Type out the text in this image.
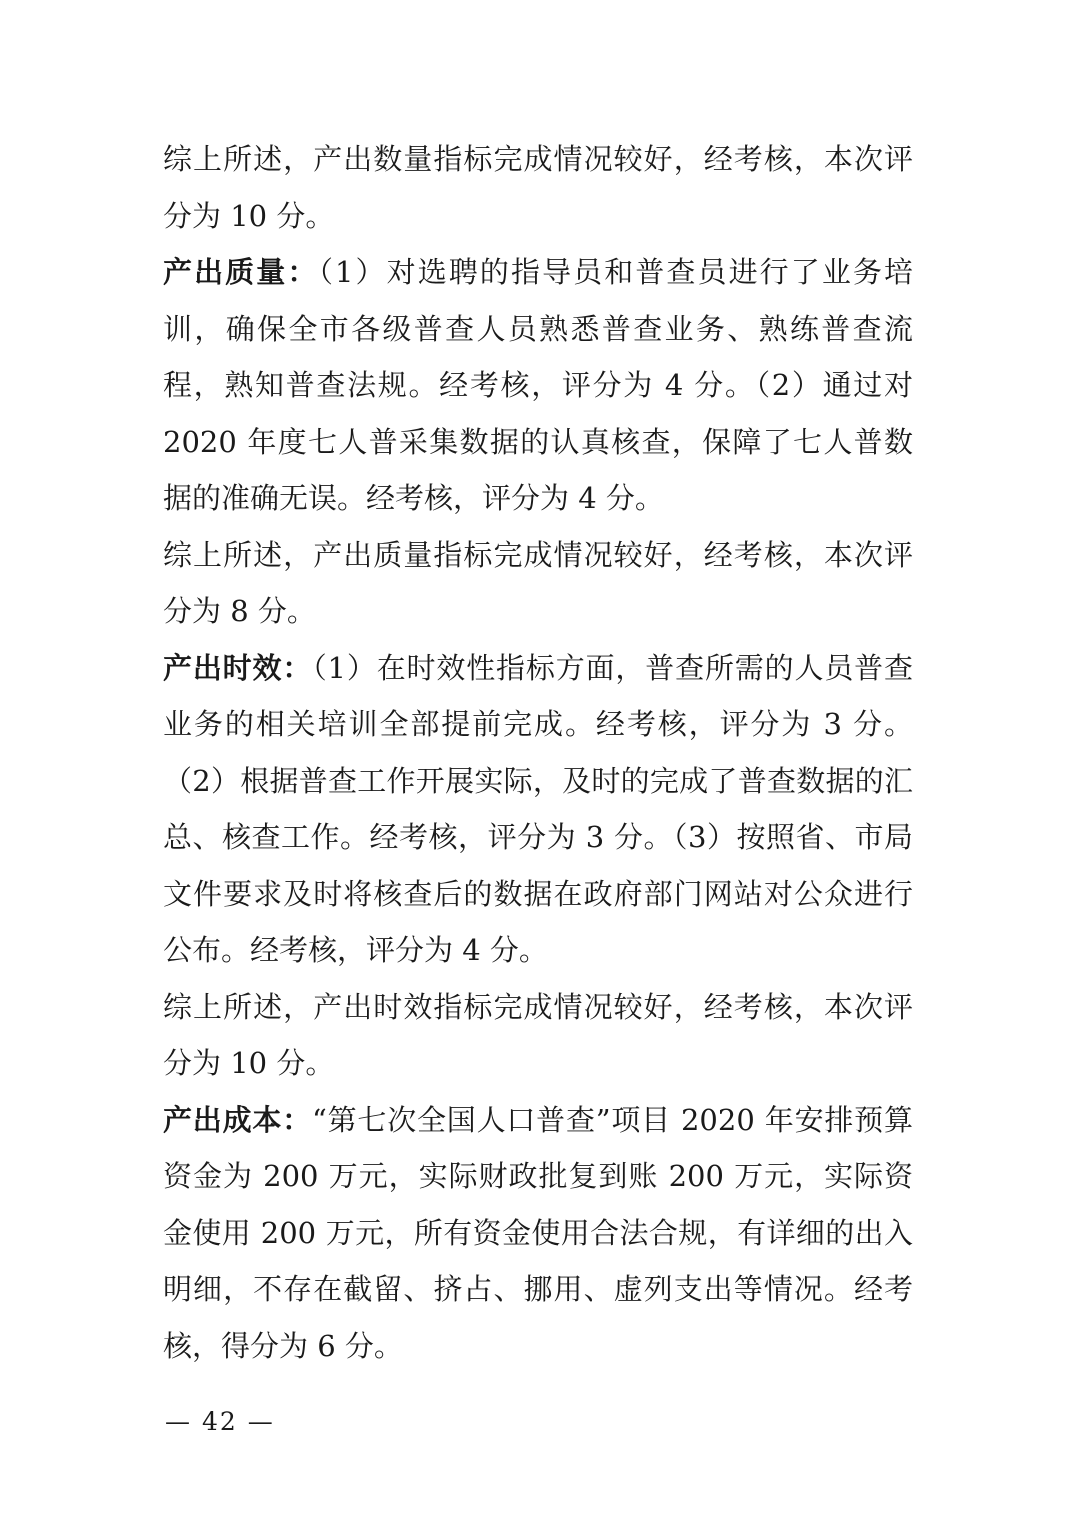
综上所述，产出数量指标完成情况较好，经考核，本次评分为 10 分。

产出质量：（1）对选聘的指导员和普查员进行了业务培训，确保全市各级普查人员熟悉普查业务、熟练普查流程，熟知普查法规。经考核，评分为 4 分。（2）通过对 2020 年度七人普采集数据的认真核查，保障了七人普数据的准确无误。经考核，评分为 4 分。

综上所述，产出质量指标完成情况较好，经考核，本次评分为 8 分。

产出时效：（1）在时效性指标方面，普查所需的人员普查业务的相关培训全部提前完成。经考核，评分为 3 分。（2）根据普查工作开展实际，及时的完成了普查数据的汇总、核查工作。经考核，评分为 3 分。（3）按照省、市局文件要求及时将核查后的数据在政府部门网站对公众进行公布。经考核，评分为 4 分。

综上所述，产出时效指标完成情况较好，经考核，本次评分为 10 分。

产出成本：“第七次全国人口普查”项目 2020 年安排预算资金为 200 万元，实际财政批复到账 200 万元，实际资金使用 200 万元，所有资金使用合法合规，有详细的出入明细，不存在截留、挤占、挪用、虚列支出等情况。经考核，得分为 6 分。

— 42 —
